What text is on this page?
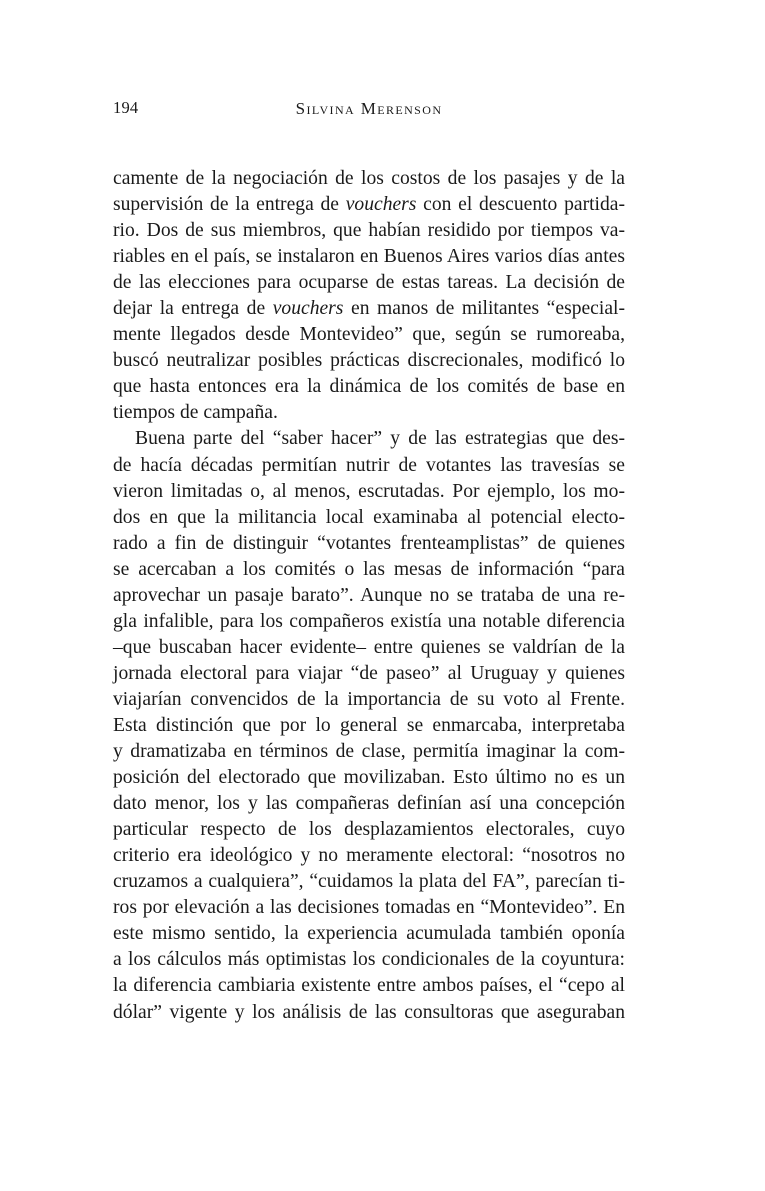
194	Silvina Merenson

camente de la negociación de los costos de los pasajes y de la
supervisión de la entrega de vouchers con el descuento partida-
rio. Dos de sus miembros, que habían residido por tiempos va-
riables en el país, se instalaron en Buenos Aires varios días antes
de las elecciones para ocuparse de estas tareas. La decisión de
dejar la entrega de vouchers en manos de militantes “especial-
mente llegados desde Montevideo” que, según se rumoreaba,
buscó neutralizar posibles prácticas discrecionales, modificó lo
que hasta entonces era la dinámica de los comités de base en
tiempos de campaña.

Buena parte del “saber hacer” y de las estrategias que des-
de hacía décadas permitían nutrir de votantes las travesías se
vieron limitadas o, al menos, escrutadas. Por ejemplo, los mo-
dos en que la militancia local examinaba al potencial electo-
rado a fin de distinguir “votantes frenteamplistas” de quienes
se acercaban a los comités o las mesas de información “para
aprovechar un pasaje barato”. Aunque no se trataba de una re-
gla infalible, para los compañeros existía una notable diferencia
–que buscaban hacer evidente– entre quienes se valdrían de la
jornada electoral para viajar “de paseo” al Uruguay y quienes
viajarían convencidos de la importancia de su voto al Frente.
Esta distinción que por lo general se enmarcaba, interpretaba
y dramatizaba en términos de clase, permitía imaginar la com-
posición del electorado que movilizaban. Esto último no es un
dato menor, los y las compañeras definían así una concepción
particular respecto de los desplazamientos electorales, cuyo
criterio era ideológico y no meramente electoral: “nosotros no
cruzamos a cualquiera”, “cuidamos la plata del FA”, parecían ti-
ros por elevación a las decisiones tomadas en “Montevideo”. En
este mismo sentido, la experiencia acumulada también oponía
a los cálculos más optimistas los condicionales de la coyuntura:
la diferencia cambiaria existente entre ambos países, el “cepo al
dólar” vigente y los análisis de las consultoras que aseguraban
